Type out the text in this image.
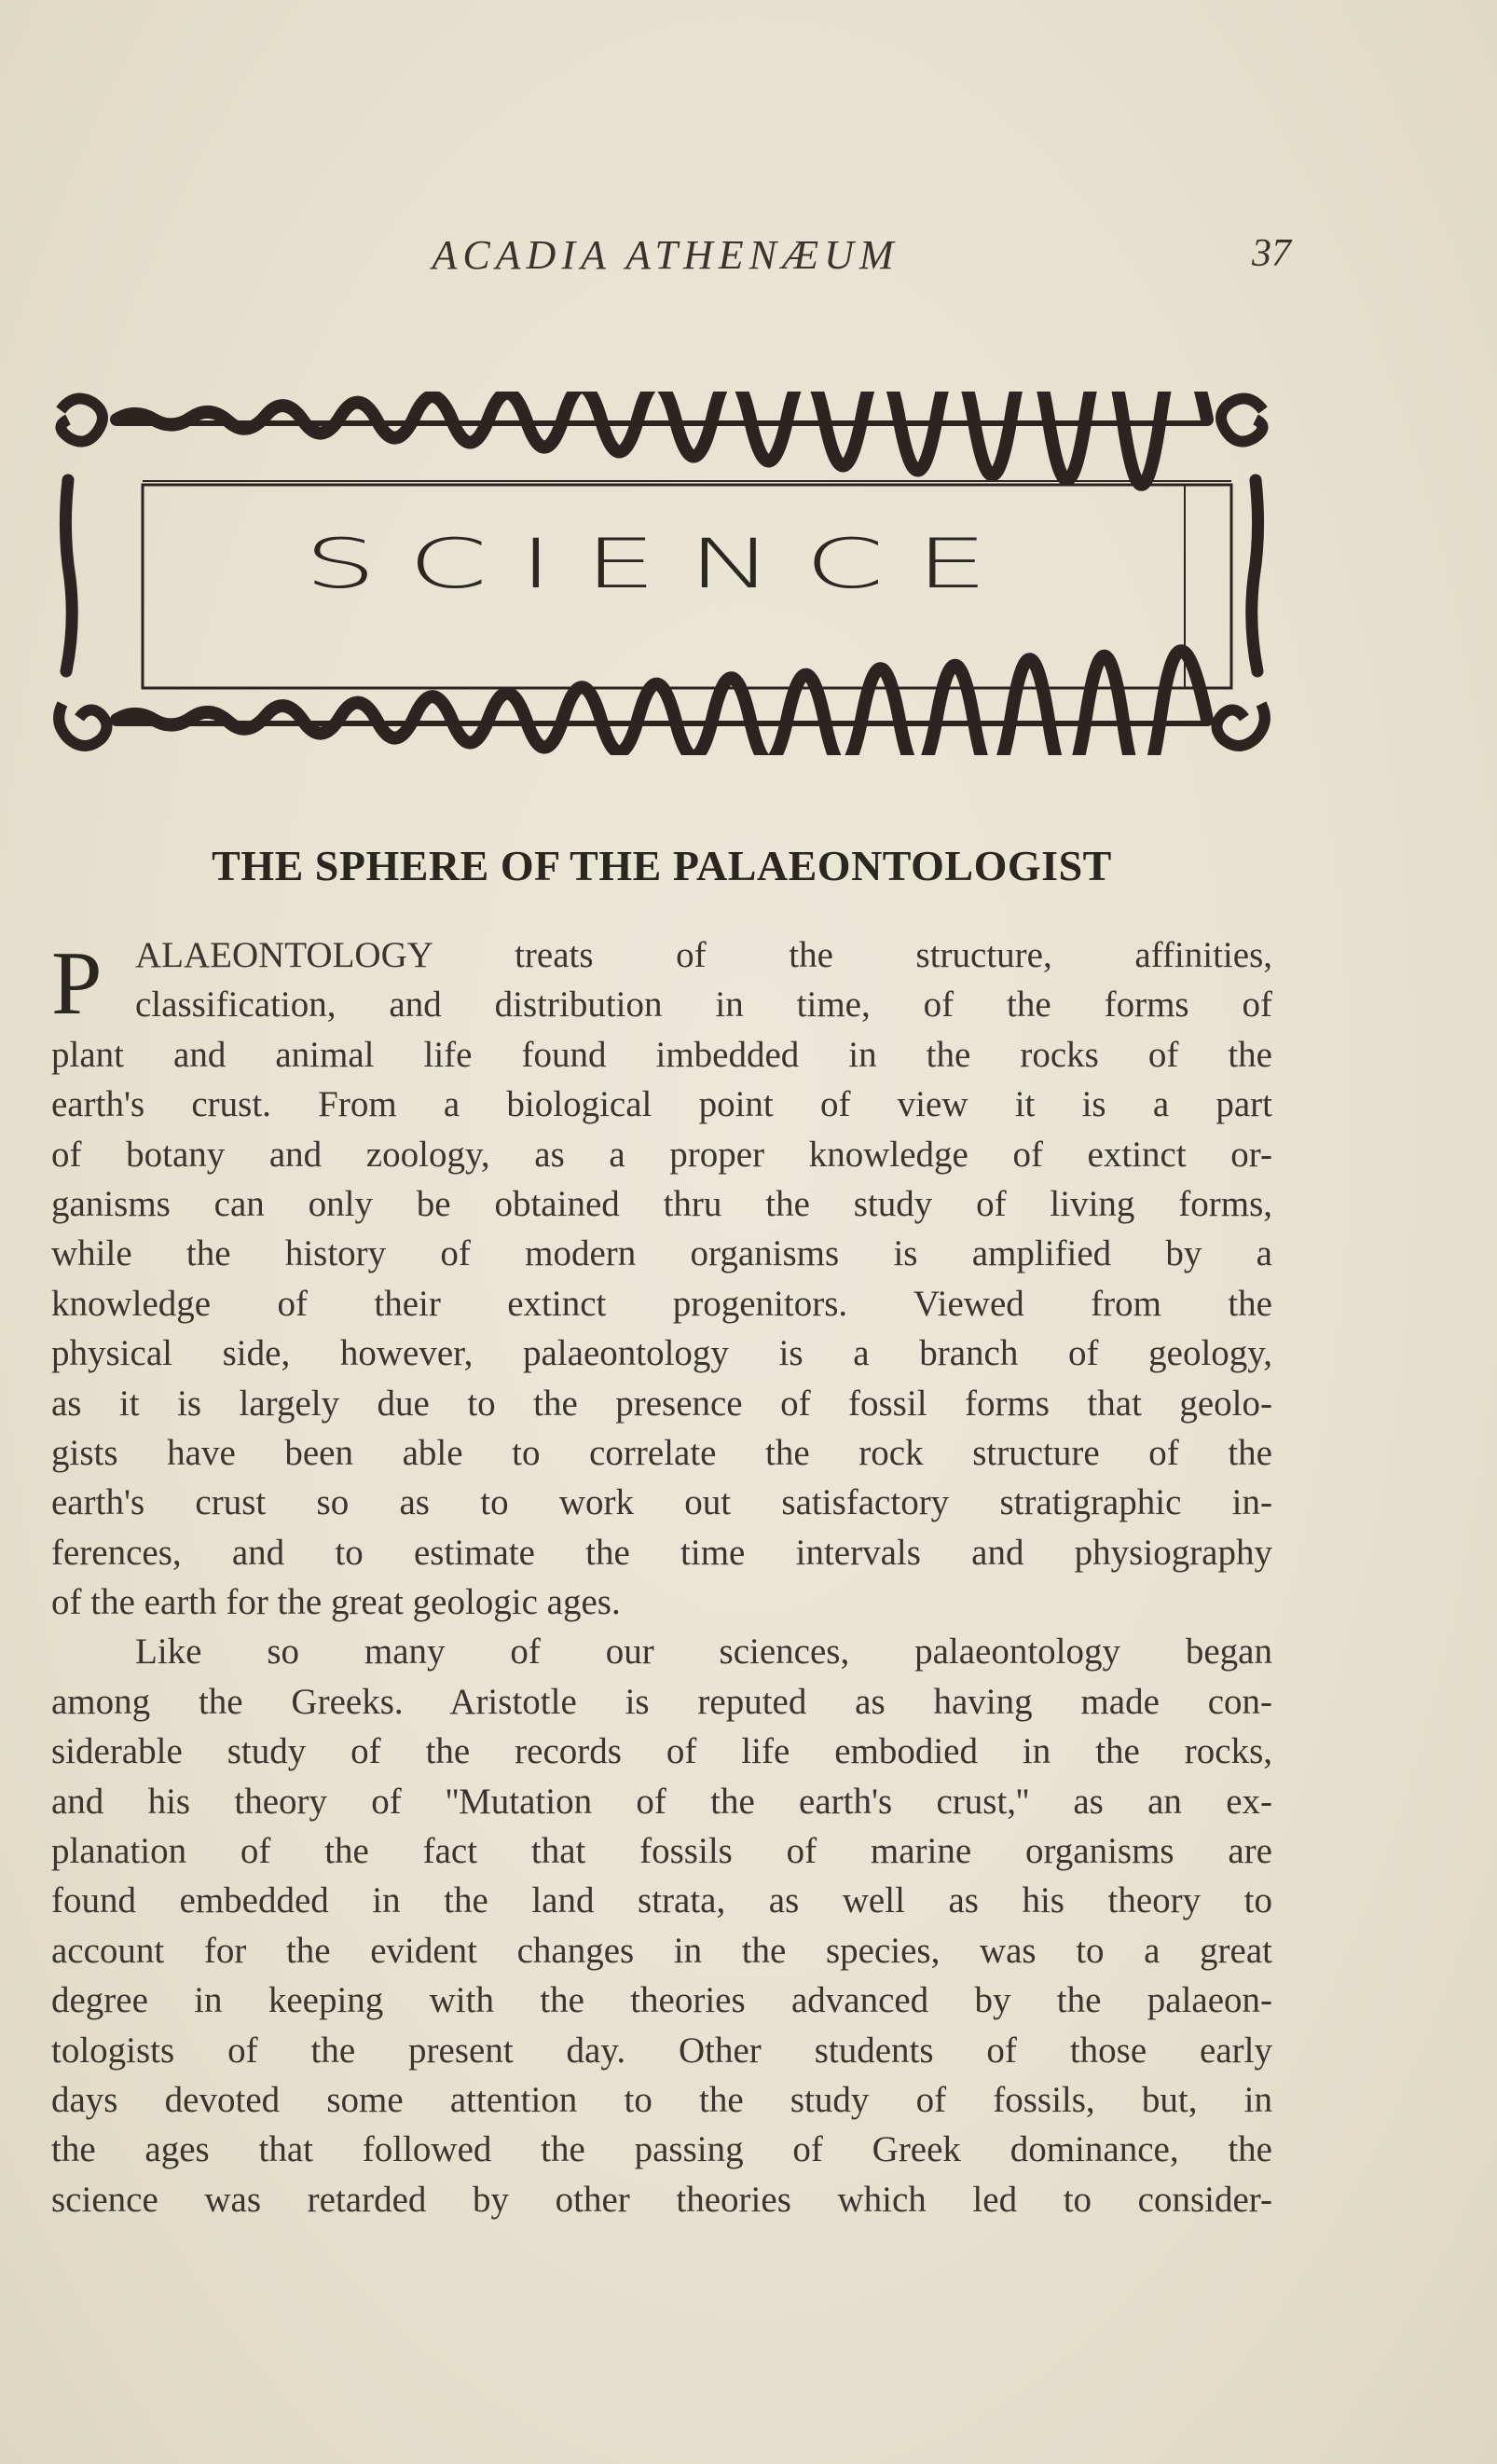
ACADIA ATHENÆUM	37
SCIENCE
THE SPHERE OF THE PALAEONTOLOGIST
P ALAEONTOLOGY treats of the structure, affinities,
classification, and distribution in time, of the forms of
plant and animal life found imbedded in the rocks of the
earth's crust. From a biological point of view it is a part
of botany and zoology, as a proper knowledge of extinct or-
ganisms can only be obtained thru the study of living forms,
while the history of modern organisms is amplified by a
knowledge of their extinct progenitors. Viewed from the
physical side, however, palaeontology is a branch of geology,
as it is largely due to the presence of fossil forms that geolo-
gists have been able to correlate the rock structure of the
earth's crust so as to work out satisfactory stratigraphic in-
ferences, and to estimate the time intervals and physiography
of the earth for the great geologic ages.
Like so many of our sciences, palaeontology began
among the Greeks. Aristotle is reputed as having made con-
siderable study of the records of life embodied in the rocks,
and his theory of ''Mutation of the earth's crust,'' as an ex-
planation of the fact that fossils of marine organisms are
found embedded in the land strata, as well as his theory to
account for the evident changes in the species, was to a great
degree in keeping with the theories advanced by the palaeon-
tologists of the present day. Other students of those early
days devoted some attention to the study of fossils, but, in
the ages that followed the passing of Greek dominance, the
science was retarded by other theories which led to consider-
